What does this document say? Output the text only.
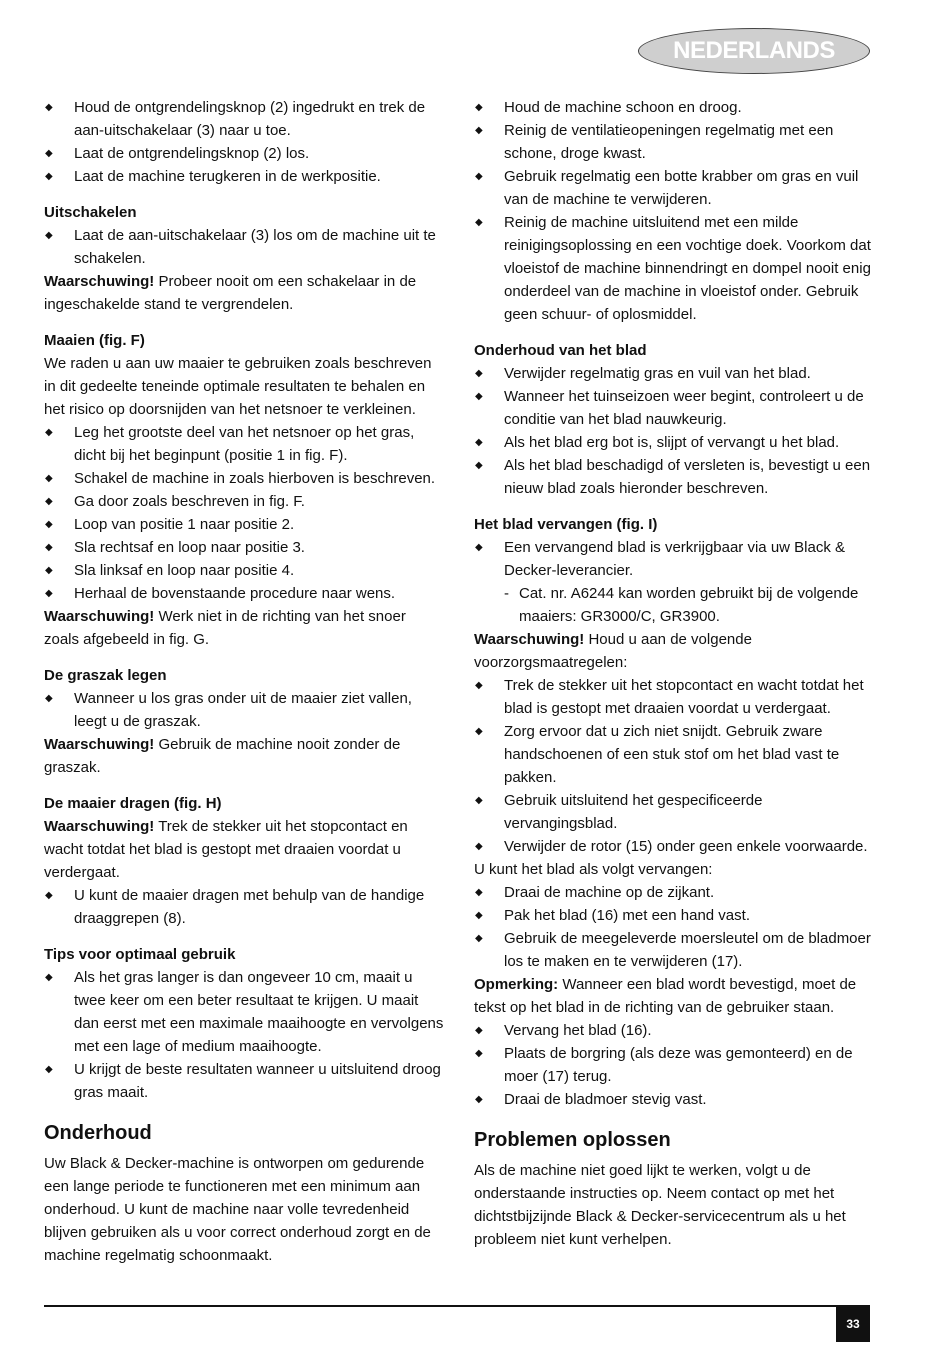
NEDERLANDS

◆ Houd de ontgrendelingsknop (2) ingedrukt en trek de aan-uitschakelaar (3) naar u toe.

◆ Laat de ontgrendelingsknop (2) los.

◆ Laat de machine terugkeren in de werkpositie.

Uitschakelen

◆ Laat de aan-uitschakelaar (3) los om de machine uit te schakelen.

Waarschuwing! Probeer nooit om een schakelaar in de ingeschakelde stand te vergrendelen.

Maaien (fig. F)

We raden u aan uw maaier te gebruiken zoals beschreven in dit gedeelte teneinde optimale resultaten te behalen en het risico op doorsnijden van het netsnoer te verkleinen.

◆ Leg het grootste deel van het netsnoer op het gras, dicht bij het beginpunt (positie 1 in fig. F).

◆ Schakel de machine in zoals hierboven is beschreven.

◆ Ga door zoals beschreven in fig. F.

◆ Loop van positie 1 naar positie 2.

◆ Sla rechtsaf en loop naar positie 3.

◆ Sla linksaf en loop naar positie 4.

◆ Herhaal de bovenstaande procedure naar wens.

Waarschuwing! Werk niet in de richting van het snoer zoals afgebeeld in fig. G.

De graszak legen

◆ Wanneer u los gras onder uit de maaier ziet vallen, leegt u de graszak.

Waarschuwing! Gebruik de machine nooit zonder de graszak.

De maaier dragen (fig. H)

Waarschuwing! Trek de stekker uit het stopcontact en wacht totdat het blad is gestopt met draaien voordat u verdergaat.

◆ U kunt de maaier dragen met behulp van de handige draaggrepen (8).

Tips voor optimaal gebruik

◆ Als het gras langer is dan ongeveer 10 cm, maait u twee keer om een beter resultaat te krijgen. U maait dan eerst met een maximale maaihoogte en vervolgens met een lage of medium maaihoogte.

◆ U krijgt de beste resultaten wanneer u uitsluitend droog gras maait.

Onderhoud

Uw Black & Decker-machine is ontworpen om gedurende een lange periode te functioneren met een minimum aan onderhoud. U kunt de machine naar volle tevredenheid blijven gebruiken als u voor correct onderhoud zorgt en de machine regelmatig schoonmaakt.

◆ Houd de machine schoon en droog.

◆ Reinig de ventilatieopeningen regelmatig met een schone, droge kwast.

◆ Gebruik regelmatig een botte krabber om gras en vuil van de machine te verwijderen.

◆ Reinig de machine uitsluitend met een milde reinigingsoplossing en een vochtige doek. Voorkom dat vloeistof de machine binnendringt en dompel nooit enig onderdeel van de machine in vloeistof onder. Gebruik geen schuur- of oplosmiddel.

Onderhoud van het blad

◆ Verwijder regelmatig gras en vuil van het blad.

◆ Wanneer het tuinseizoen weer begint, controleert u de conditie van het blad nauwkeurig.

◆ Als het blad erg bot is, slijpt of vervangt u het blad.

◆ Als het blad beschadigd of versleten is, bevestigt u een nieuw blad zoals hieronder beschreven.

Het blad vervangen (fig. I)

◆ Een vervangend blad is verkrijgbaar via uw Black & Decker-leverancier.

- Cat. nr. A6244 kan worden gebruikt bij de volgende maaiers: GR3000/C, GR3900.

Waarschuwing! Houd u aan de volgende voorzorgsmaatregelen:

◆ Trek de stekker uit het stopcontact en wacht totdat het blad is gestopt met draaien voordat u verdergaat.

◆ Zorg ervoor dat u zich niet snijdt. Gebruik zware handschoenen of een stuk stof om het blad vast te pakken.

◆ Gebruik uitsluitend het gespecificeerde vervangingsblad.

◆ Verwijder de rotor (15) onder geen enkele voorwaarde.

U kunt het blad als volgt vervangen:

◆ Draai de machine op de zijkant.

◆ Pak het blad (16) met een hand vast.

◆ Gebruik de meegeleverde moersleutel om de bladmoer los te maken en te verwijderen (17).

Opmerking: Wanneer een blad wordt bevestigd, moet de tekst op het blad in de richting van de gebruiker staan.

◆ Vervang het blad (16).

◆ Plaats de borgring (als deze was gemonteerd) en de moer (17) terug.

◆ Draai de bladmoer stevig vast.

Problemen oplossen

Als de machine niet goed lijkt te werken, volgt u de onderstaande instructies op. Neem contact op met het dichtstbijzijnde Black & Decker-servicecentrum als u het probleem niet kunt verhelpen.

33
